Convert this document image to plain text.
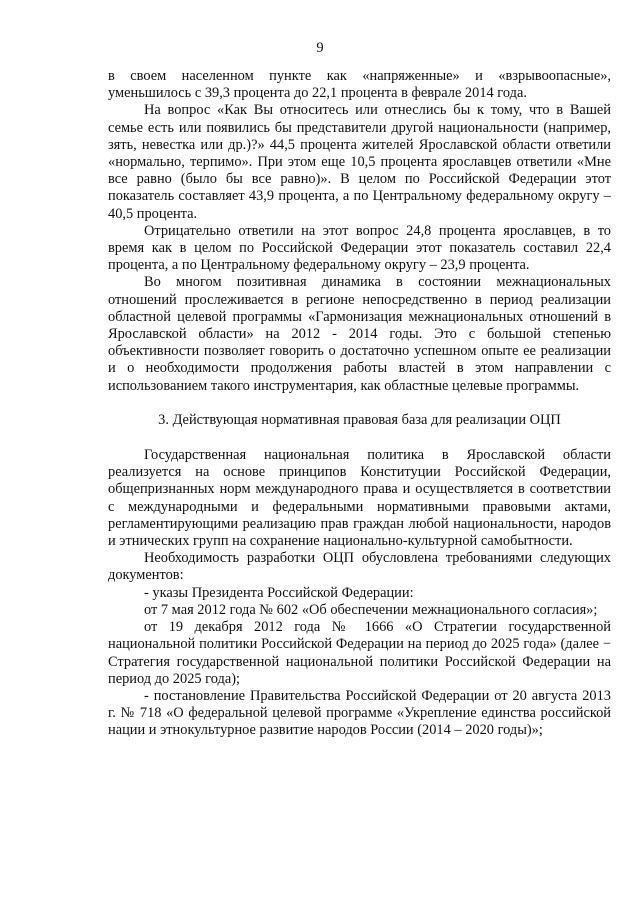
9

в своем населенном пункте как «напряженные» и «взрывоопасные», уменьшилось с 39,3 процента до 22,1 процента в феврале 2014 года.

На вопрос «Как Вы относитесь или отнеслись бы к тому, что в Вашей семье есть или появились бы представители другой национальности (например, зять, невестка или др.)?» 44,5 процента жителей Ярославской области ответили «нормально, терпимо». При этом еще 10,5 процента ярославцев ответили «Мне все равно (было бы все равно)». В целом по Российской Федерации этот показатель составляет 43,9 процента, а по Центральному федеральному округу – 40,5 процента.

Отрицательно ответили на этот вопрос 24,8 процента ярославцев, в то время как в целом по Российской Федерации этот показатель составил 22,4 процента, а по Центральному федеральному округу – 23,9 процента.

Во многом позитивная динамика в состоянии межнациональных отношений прослеживается в регионе непосредственно в период реализации областной целевой программы «Гармонизация межнациональных отношений в Ярославской области» на 2012 - 2014 годы. Это с большой степенью объективности позволяет говорить о достаточно успешном опыте ее реализации и о необходимости продолжения работы властей в этом направлении с использованием такого инструментария, как областные целевые программы.

3. Действующая нормативная правовая база для реализации ОЦП

Государственная национальная политика в Ярославской области реализуется на основе принципов Конституции Российской Федерации, общепризнанных норм международного права и осуществляется в соответствии с международными и федеральными нормативными правовыми актами, регламентирующими реализацию прав граждан любой национальности, народов и этнических групп на сохранение национально-культурной самобытности.

Необходимость разработки ОЦП обусловлена требованиями следующих документов:

- указы Президента Российской Федерации:

от 7 мая 2012 года № 602 «Об обеспечении межнационального согласия»;

от 19 декабря 2012 года № 1666 «О Стратегии государственной национальной политики Российской Федерации на период до 2025 года» (далее − Стратегия государственной национальной политики Российской Федерации на период до 2025 года);

- постановление Правительства Российской Федерации от 20 августа 2013 г. № 718 «О федеральной целевой программе «Укрепление единства российской нации и этнокультурное развитие народов России (2014 – 2020 годы)»;
